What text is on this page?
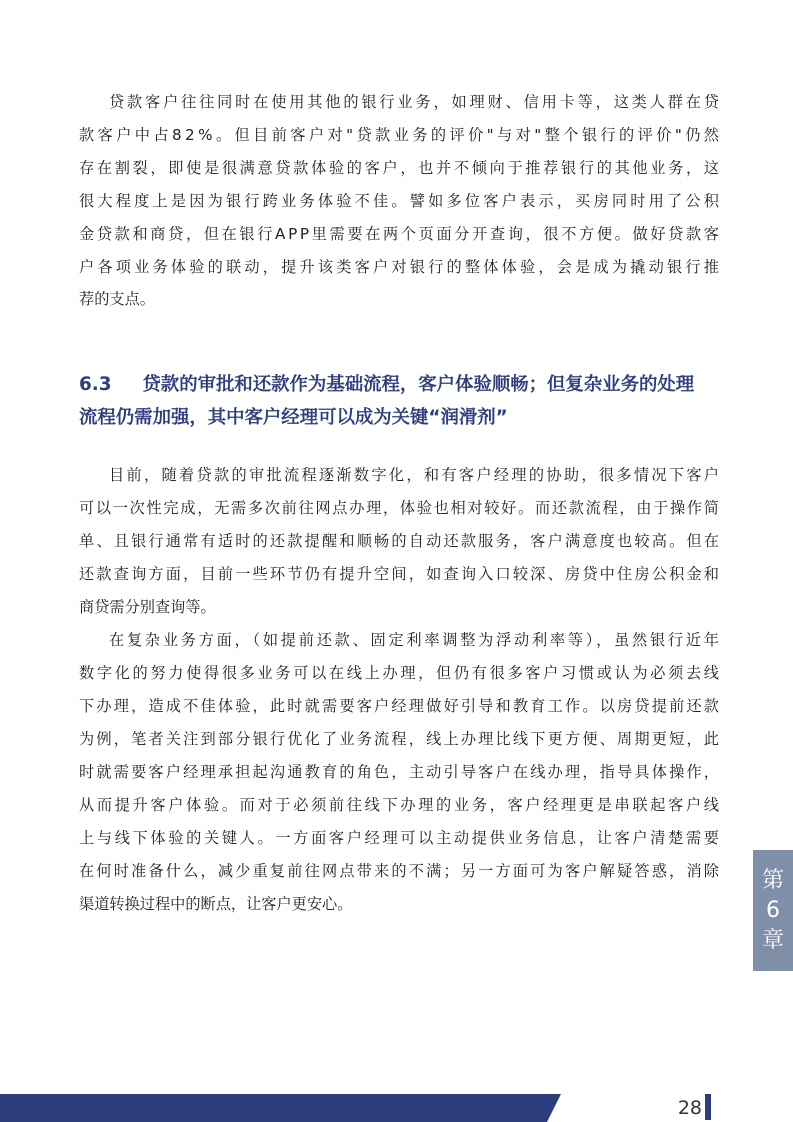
贷款客户往往同时在使用其他的银行业务，如理财、信用卡等，这类人群在贷
款客户中占82%。但目前客户对"贷款业务的评价"与对"整个银行的评价"仍然
存在割裂，即使是很满意贷款体验的客户，也并不倾向于推荐银行的其他业务，这
很大程度上是因为银行跨业务体验不佳。譬如多位客户表示，买房同时用了公积
金贷款和商贷，但在银行APP里需要在两个页面分开查询，很不方便。做好贷款客
户各项业务体验的联动，提升该类客户对银行的整体体验，会是成为撬动银行推
荐的支点。
6.3 贷款的审批和还款作为基础流程，客户体验顺畅；但复杂业务的处理
流程仍需加强，其中客户经理可以成为关键“润滑剂”
目前，随着贷款的审批流程逐渐数字化，和有客户经理的协助，很多情况下客户
可以一次性完成，无需多次前往网点办理，体验也相对较好。而还款流程，由于操作简
单、且银行通常有适时的还款提醒和顺畅的自动还款服务，客户满意度也较高。但在
还款查询方面，目前一些环节仍有提升空间，如查询入口较深、房贷中住房公积金和
商贷需分别查询等。
在复杂业务方面，（如提前还款、固定利率调整为浮动利率等），虽然银行近年
数字化的努力使得很多业务可以在线上办理，但仍有很多客户习惯或认为必须去线
下办理，造成不佳体验，此时就需要客户经理做好引导和教育工作。以房贷提前还款
为例，笔者关注到部分银行优化了业务流程，线上办理比线下更方便、周期更短，此
时就需要客户经理承担起沟通教育的角色，主动引导客户在线办理，指导具体操作，
从而提升客户体验。而对于必须前往线下办理的业务，客户经理更是串联起客户线
上与线下体验的关键人。一方面客户经理可以主动提供业务信息，让客户清楚需要
在何时准备什么，减少重复前往网点带来的不满；另一方面可为客户解疑答惑，消除
渠道转换过程中的断点，让客户更安心。
第
6
章
28
